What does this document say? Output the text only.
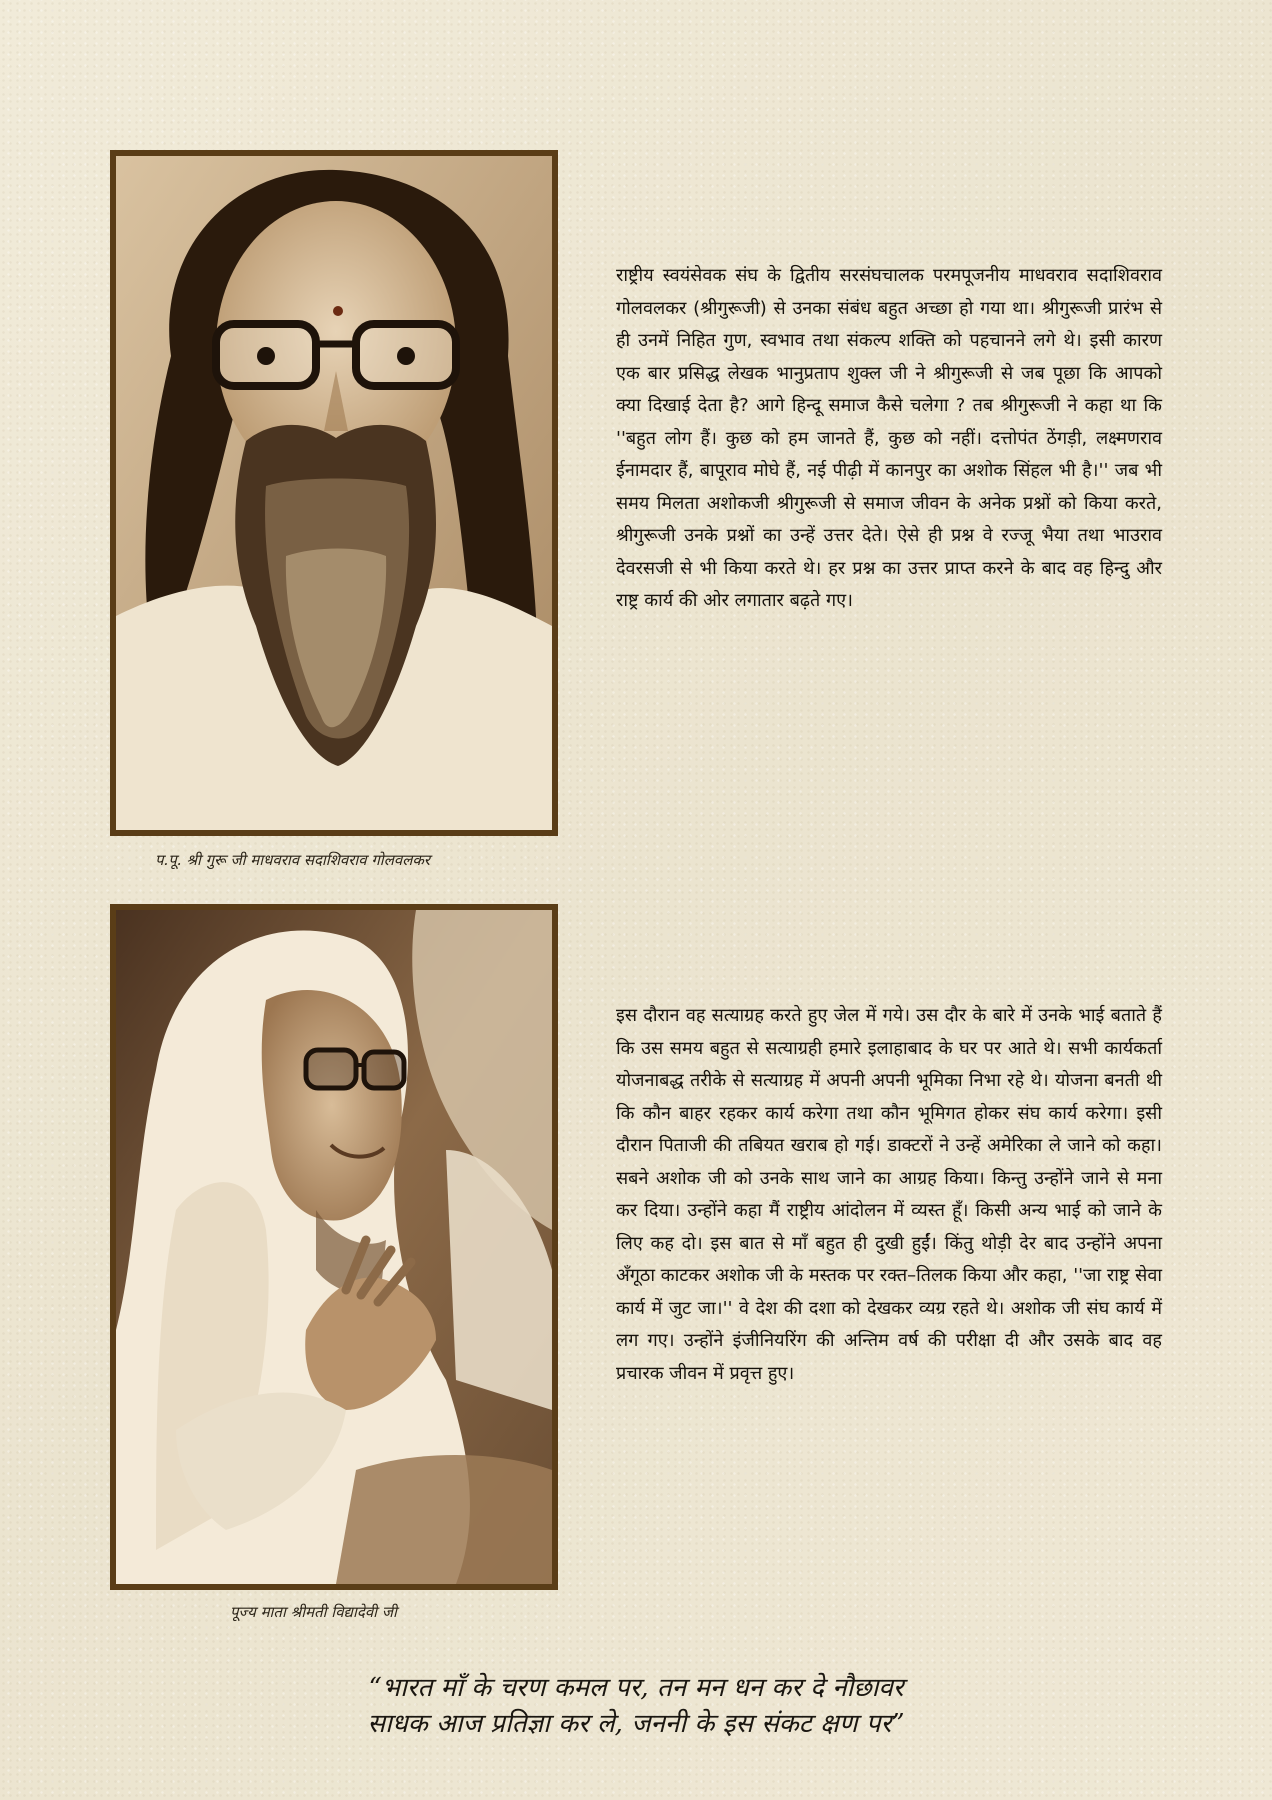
प.पू. श्री गुरू जी माधवराव सदाशिवराव गोलवलकर

राष्ट्रीय स्वयंसेवक संघ के द्वितीय सरसंघचालक परमपूजनीय माधवराव सदाशिवराव गोलवलकर (श्रीगुरूजी) से उनका संबंध बहुत अच्छा हो गया था। श्रीगुरूजी प्रारंभ से ही उनमें निहित गुण, स्वभाव तथा संकल्प शक्ति को पहचानने लगे थे। इसी कारण एक बार प्रसिद्ध लेखक भानुप्रताप शुक्ल जी ने श्रीगुरूजी से जब पूछा कि आपको क्या दिखाई देता है? आगे हिन्दू समाज कैसे चलेगा ? तब श्रीगुरूजी ने कहा था कि ''बहुत लोग हैं। कुछ को हम जानते हैं, कुछ को नहीं। दत्तोपंत ठेंगड़ी, लक्ष्मणराव ईनामदार हैं, बापूराव मोघे हैं, नई पीढ़ी में कानपुर का अशोक सिंहल भी है।'' जब भी समय मिलता अशोकजी श्रीगुरूजी से समाज जीवन के अनेक प्रश्नों को किया करते, श्रीगुरूजी उनके प्रश्नों का उन्हें उत्तर देते। ऐसे ही प्रश्न वे रज्जू भैया तथा भाउराव देवरसजी से भी किया करते थे। हर प्रश्न का उत्तर प्राप्त करने के बाद वह हिन्दु और राष्ट्र कार्य की ओर लगातार बढ़ते गए।

पूज्य माता श्रीमती विद्यादेवी जी

इस दौरान वह सत्याग्रह करते हुए जेल में गये। उस दौर के बारे में उनके भाई बताते हैं कि उस समय बहुत से सत्याग्रही हमारे इलाहाबाद के घर पर आते थे। सभी कार्यकर्ता योजनाबद्ध तरीके से सत्याग्रह में अपनी अपनी भूमिका निभा रहे थे। योजना बनती थी कि कौन बाहर रहकर कार्य करेगा तथा कौन भूमिगत होकर संघ कार्य करेगा। इसी दौरान पिताजी की तबियत खराब हो गई। डाक्टरों ने उन्हें अमेरिका ले जाने को कहा। सबने अशोक जी को उनके साथ जाने का आग्रह किया। किन्तु उन्होंने जाने से मना कर दिया। उन्होंने कहा मैं राष्ट्रीय आंदोलन में व्यस्त हूँ। किसी अन्य भाई को जाने के लिए कह दो। इस बात से माँ बहुत ही दुखी हुईं। किंतु थोड़ी देर बाद उन्होंने अपना अँगूठा काटकर अशोक जी के मस्तक पर रक्त–तिलक किया और कहा, ''जा राष्ट्र सेवा कार्य में जुट जा।'' वे देश की दशा को देखकर व्यग्र रहते थे। अशोक जी संघ कार्य में लग गए। उन्होंने इंजीनियरिंग की अन्तिम वर्ष की परीक्षा दी और उसके बाद वह प्रचारक जीवन में प्रवृत्त हुए।

“भारत माँ के चरण कमल पर, तन मन धन कर दे नौछावर
साधक आज प्रतिज्ञा कर ले, जननी के इस संकट क्षण पर”
